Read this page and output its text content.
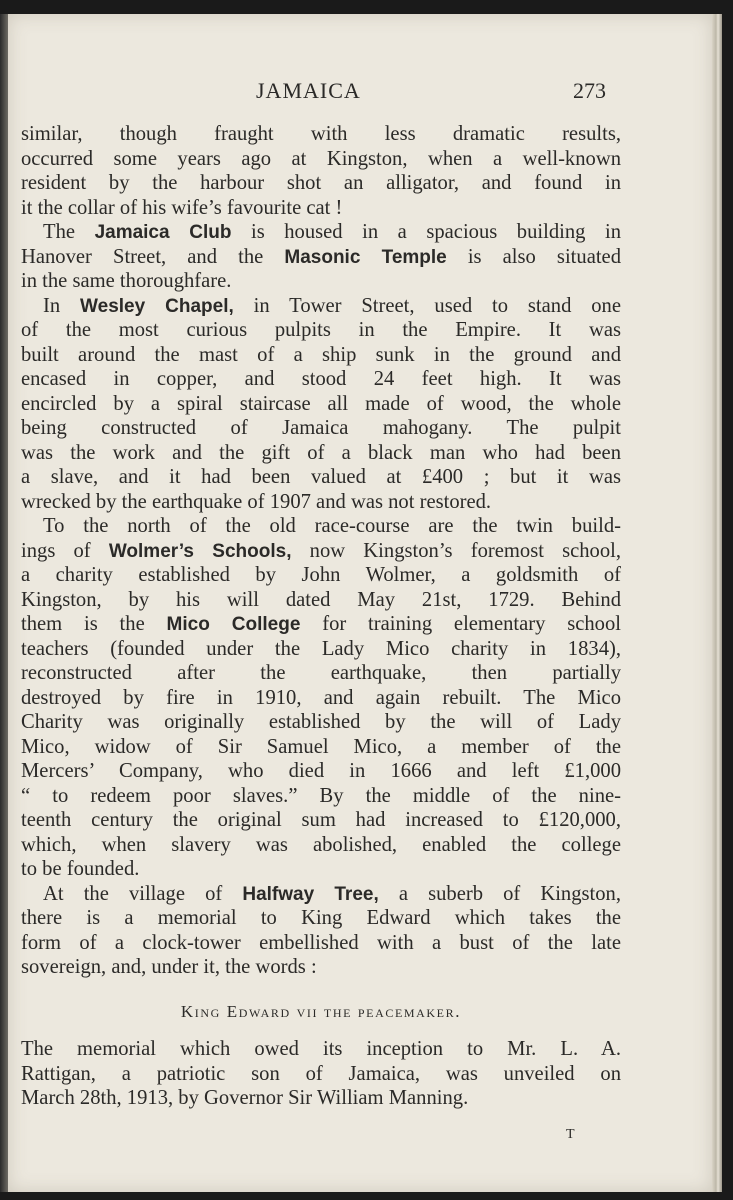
JAMAICA	273
similar, though fraught with less dramatic results,
occurred some years ago at Kingston, when a well-known
resident by the harbour shot an alligator, and found in
it the collar of his wife’s favourite cat !
The Jamaica Club is housed in a spacious building in
Hanover Street, and the Masonic Temple is also situated
in the same thoroughfare.
In Wesley Chapel, in Tower Street, used to stand one
of the most curious pulpits in the Empire. It was
built around the mast of a ship sunk in the ground and
encased in copper, and stood 24 feet high. It was
encircled by a spiral staircase all made of wood, the whole
being constructed of Jamaica mahogany. The pulpit
was the work and the gift of a black man who had been
a slave, and it had been valued at £400 ; but it was
wrecked by the earthquake of 1907 and was not restored.
To the north of the old race-course are the twin build-
ings of Wolmer’s Schools, now Kingston’s foremost school,
a charity established by John Wolmer, a goldsmith of
Kingston, by his will dated May 21st, 1729. Behind
them is the Mico College for training elementary school
teachers (founded under the Lady Mico charity in 1834),
reconstructed after the earthquake, then partially
destroyed by fire in 1910, and again rebuilt. The Mico
Charity was originally established by the will of Lady
Mico, widow of Sir Samuel Mico, a member of the
Mercers’ Company, who died in 1666 and left £1,000
“ to redeem poor slaves.” By the middle of the nine-
teenth century the original sum had increased to £120,000,
which, when slavery was abolished, enabled the college
to be founded.
At the village of Halfway Tree, a suberb of Kingston,
there is a memorial to King Edward which takes the
form of a clock-tower embellished with a bust of the late
sovereign, and, under it, the words :
King Edward vii the peacemaker.
The memorial which owed its inception to Mr. L. A.
Rattigan, a patriotic son of Jamaica, was unveiled on
March 28th, 1913, by Governor Sir William Manning.
T
